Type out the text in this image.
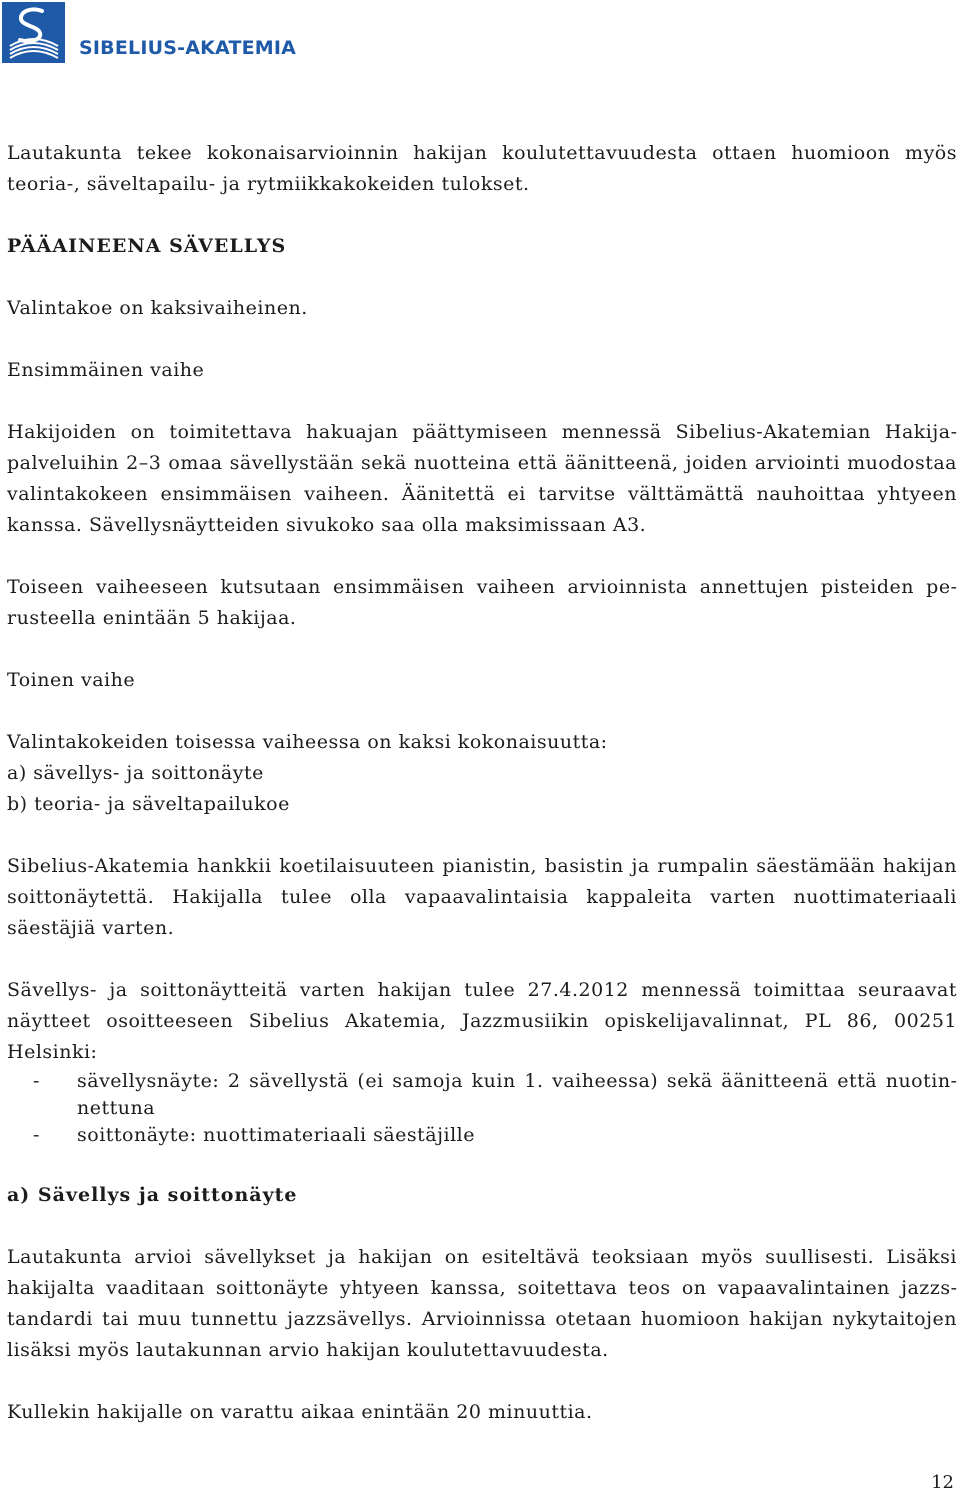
SIBELIUS-AKATEMIA

Lautakunta tekee kokonaisarvioinnin hakijan koulutettavuudesta ottaen huomioon myös teoria-, säveltapailu- ja rytmiikkakokeiden tulokset.

PÄÄAINEENA SÄVELLYS

Valintakoe on kaksivaiheinen.

Ensimmäinen vaihe

Hakijoiden on toimitettava hakuajan päättymiseen mennessä Sibelius-Akatemian Hakijapalveluihin 2–3 omaa sävellystään sekä nuotteina että äänitteenä, joiden arviointi muodostaa valintakokeen ensimmäisen vaiheen. Äänitettä ei tarvitse välttämättä nauhoittaa yhtyeen kanssa. Sävellysnäytteiden sivukoko saa olla maksimissaan A3.

Toiseen vaiheeseen kutsutaan ensimmäisen vaiheen arvioinnista annettujen pisteiden perusteella enintään 5 hakijaa.

Toinen vaihe

Valintakokeiden toisessa vaiheessa on kaksi kokonaisuutta:

a) sävellys- ja soittonäyte

b) teoria- ja säveltapailukoe

Sibelius-Akatemia hankkii koetilaisuuteen pianistin, basistin ja rumpalin säestämään hakijan soittonäytettä. Hakijalla tulee olla vapaavalintaisia kappaleita varten nuottimateriaali säestäjiä varten.

Sävellys- ja soittonäytteitä varten hakijan tulee 27.4.2012 mennessä toimittaa seuraavat näytteet osoitteeseen Sibelius Akatemia, Jazzmusiikin opiskelijavalinnat, PL 86, 00251 Helsinki:

-	sävellysnäyte: 2 sävellystä (ei samoja kuin 1. vaiheessa) sekä äänitteenä että nuotinnettuna
-	soittonäyte: nuottimateriaali säestäjille

a) Sävellys ja soittonäyte

Lautakunta arvioi sävellykset ja hakijan on esiteltävä teoksiaan myös suullisesti. Lisäksi hakijalta vaaditaan soittonäyte yhtyeen kanssa, soitettava teos on vapaavalintainen jazzstandardi tai muu tunnettu jazzsävellys. Arvioinnissa otetaan huomioon hakijan nykytaitojen lisäksi myös lautakunnan arvio hakijan koulutettavuudesta.

Kullekin hakijalle on varattu aikaa enintään 20 minuuttia.

12
